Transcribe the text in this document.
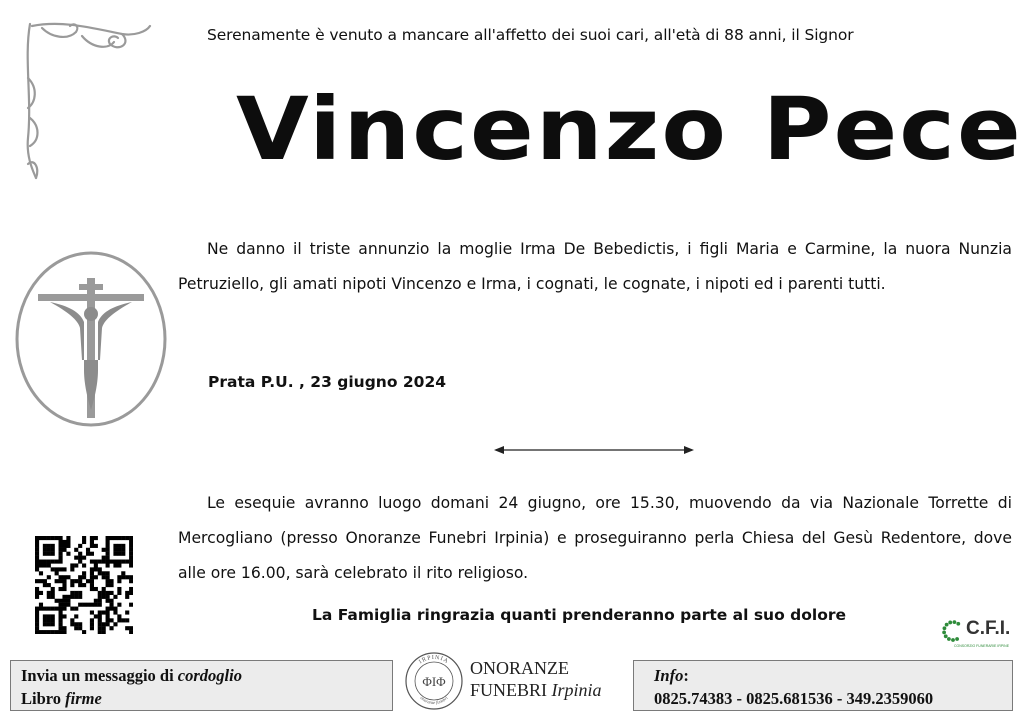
Serenamente è venuto a mancare all'affetto dei suoi cari, all'età di 88 anni, il Signor
Vincenzo Pece
Ne danno il triste annunzio la moglie Irma De Bebedictis, i figli Maria e Carmine, la nuora Nunzia Petruziello, gli amati nipoti Vincenzo e Irma, i cognati, le cognate, i nipoti ed i parenti tutti.
Prata P.U. , 23 giugno 2024
Le esequie avranno luogo domani 24 giugno, ore 15.30, muovendo da via Nazionale Torrette di Mercogliano (presso Onoranze Funebri Irpinia) e proseguiranno perla Chiesa del Gesù Redentore, dove alle ore 16.00, sarà celebrato il rito religioso.
La Famiglia ringrazia quanti prenderanno parte al suo dolore
C.F.I.
CONSORZIO FUNERARIE IRPINE
Invia un messaggio di cordoglio
Libro firme
IRPINIA
onoranze funebri
ΦΙΦ
ONORANZE
FUNEBRI Irpinia
Info:
0825.74383 - 0825.681536 - 349.2359060
